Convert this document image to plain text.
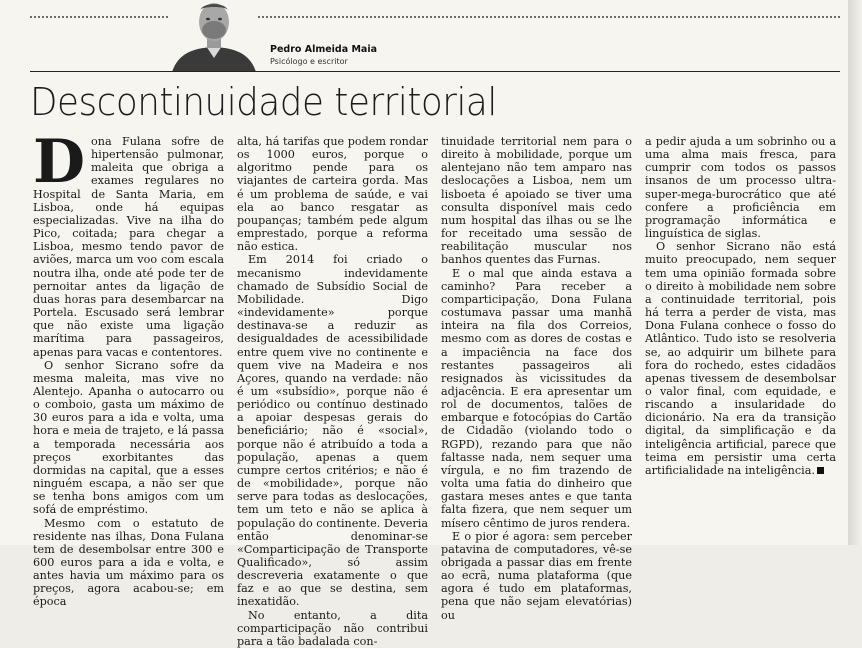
Pedro Almeida Maia
Psicólogo e escritor
Descontinuidade territorial

Dona Fulana sofre de hipertensão pulmonar, maleita que obriga a exames regulares no Hospital de Santa Maria, em Lisboa, onde há equipas especializadas. Vive na ilha do Pico, coitada; para chegar a Lisboa, mesmo tendo pavor de aviões, marca um voo com escala noutra ilha, onde até pode ter de pernoitar antes da ligação de duas horas para desembarcar na Portela. Escusado será lembrar que não existe uma ligação marítima para passageiros, apenas para vacas e contentores.

O senhor Sicrano sofre da mesma maleita, mas vive no Alentejo. Apanha o autocarro ou o comboio, gasta um máximo de 30 euros para a ida e volta, uma hora e meia de trajeto, e lá passa a temporada necessária aos preços exorbitantes das dormidas na capital, que a esses ninguém escapa, a não ser que se tenha bons amigos com um sofá de empréstimo.

Mesmo com o estatuto de residente nas ilhas, Dona Fulana tem de desembolsar entre 300 e 600 euros para a ida e volta, e antes havia um máximo para os preços, agora acabou-se; em época

alta, há tarifas que podem rondar os 1000 euros, porque o algoritmo pende para os viajantes de carteira gorda. Mas é um problema de saúde, e vai ela ao banco resgatar as poupanças; também pede algum emprestado, porque a reforma não estica.

Em 2014 foi criado o mecanismo indevidamente chamado de Subsídio Social de Mobilidade. Digo «indevidamente» porque destinava-se a reduzir as desigualdades de acessibilidade entre quem vive no continente e quem vive na Madeira e nos Açores, quando na verdade: não é um «subsídio», porque não é periódico ou contínuo destinado a apoiar despesas gerais do beneficiário; não é «social», porque não é atribuído a toda a população, apenas a quem cumpre certos critérios; e não é de «mobilidade», porque não serve para todas as deslocações, tem um teto e não se aplica à população do continente. Deveria então denominar-se «Comparticipação de Transporte Qualificado», só assim descreveria exatamente o que faz e ao que se destina, sem inexatidão.

No entanto, a dita comparticipação não contribui para a tão badalada con-

tinuidade territorial nem para o direito à mobilidade, porque um alentejano não tem amparo nas deslocações a Lisboa, nem um lisboeta é apoiado se tiver uma consulta disponível mais cedo num hospital das ilhas ou se lhe for receitado uma sessão de reabilitação muscular nos banhos quentes das Furnas.

E o mal que ainda estava a caminho? Para receber a comparticipação, Dona Fulana costumava passar uma manhã inteira na fila dos Correios, mesmo com as dores de costas e a impaciência na face dos restantes passageiros ali resignados às vicissitudes da adjacência. E era apresentar um rol de documentos, talões de embarque e fotocópias do Cartão de Cidadão (violando todo o RGPD), rezando para que não faltasse nada, nem sequer uma vírgula, e no fim trazendo de volta uma fatia do dinheiro que gastara meses antes e que tanta falta fizera, que nem sequer um mísero cêntimo de juros rendera.

E o pior é agora: sem perceber patavina de computadores, vê-se obrigada a passar dias em frente ao ecrã, numa plataforma (que agora é tudo em plataformas, pena que não sejam elevatórias) ou

a pedir ajuda a um sobrinho ou a uma alma mais fresca, para cumprir com todos os passos insanos de um processo ultra-super-mega-burocrático que até confere a proficiência em programação informática e linguística de siglas.

O senhor Sicrano não está muito preocupado, nem sequer tem uma opinião formada sobre o direito à mobilidade nem sobre a continuidade territorial, pois há terra a perder de vista, mas Dona Fulana conhece o fosso do Atlântico. Tudo isto se resolveria se, ao adquirir um bilhete para fora do rochedo, estes cidadãos apenas tivessem de desembolsar o valor final, com equidade, e riscando a insularidade do dicionário. Na era da transição digital, da simplificação e da inteligência artificial, parece que teima em persistir uma certa artificialidade na inteligência.
